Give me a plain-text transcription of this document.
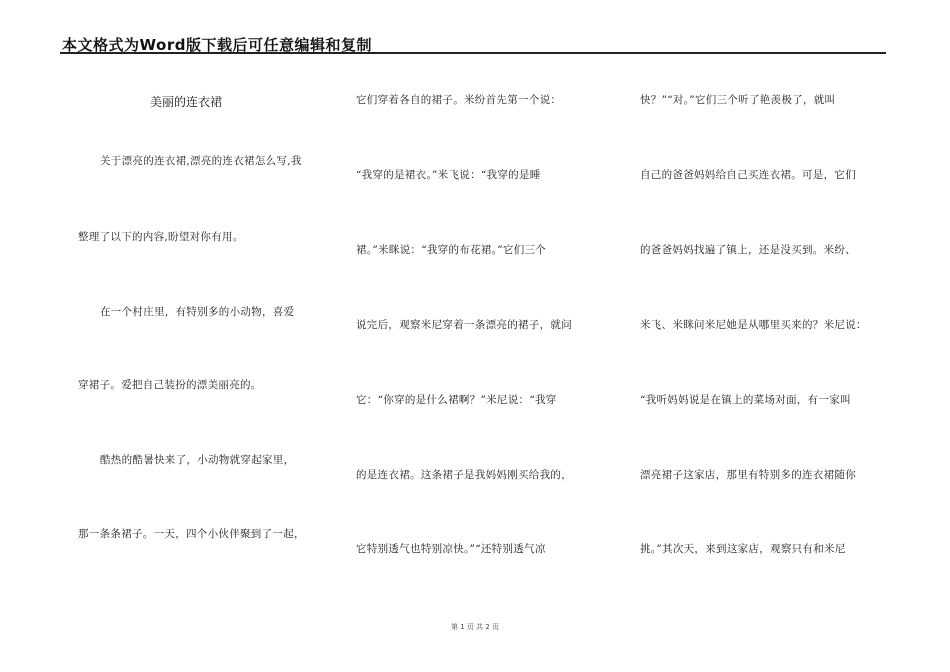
本文格式为Word版下载后可任意编辑和复制
美丽的连衣裙
关于漂亮的连衣裙,漂亮的连衣裙怎么写,我
整理了以下的内容,盼望对你有用。
在一个村庄里，有特别多的小动物，喜爱
穿裙子。爱把自己装扮的漂美丽亮的。
酷热的酷暑快来了，小动物就穿起家里，
那一条条裙子。一天，四个小伙伴聚到了一起，
它们穿着各自的裙子。米纷首先第一个说：
“我穿的是裙衣。”米飞说：“我穿的是睡
裙。”米眯说：“我穿的布花裙。”它们三个
说完后，观察米尼穿着一条漂亮的裙子，就问
它：“你穿的是什么裙啊？”米尼说：“我穿
的是连衣裙。这条裙子是我妈妈刚买给我的，
它特别透气也特别凉快。”“还特别透气凉
快？”“对。”它们三个听了艳羡极了，就叫
自己的爸爸妈妈给自己买连衣裙。可是，它们
的爸爸妈妈找遍了镇上，还是没买到。米纷、
米飞、米眯问米尼她是从哪里买来的？米尼说：
“我听妈妈说是在镇上的菜场对面，有一家叫
漂亮裙子这家店，那里有特别多的连衣裙随你
挑。”其次天，来到这家店，观察只有和米尼
第 1 页 共 2 页
